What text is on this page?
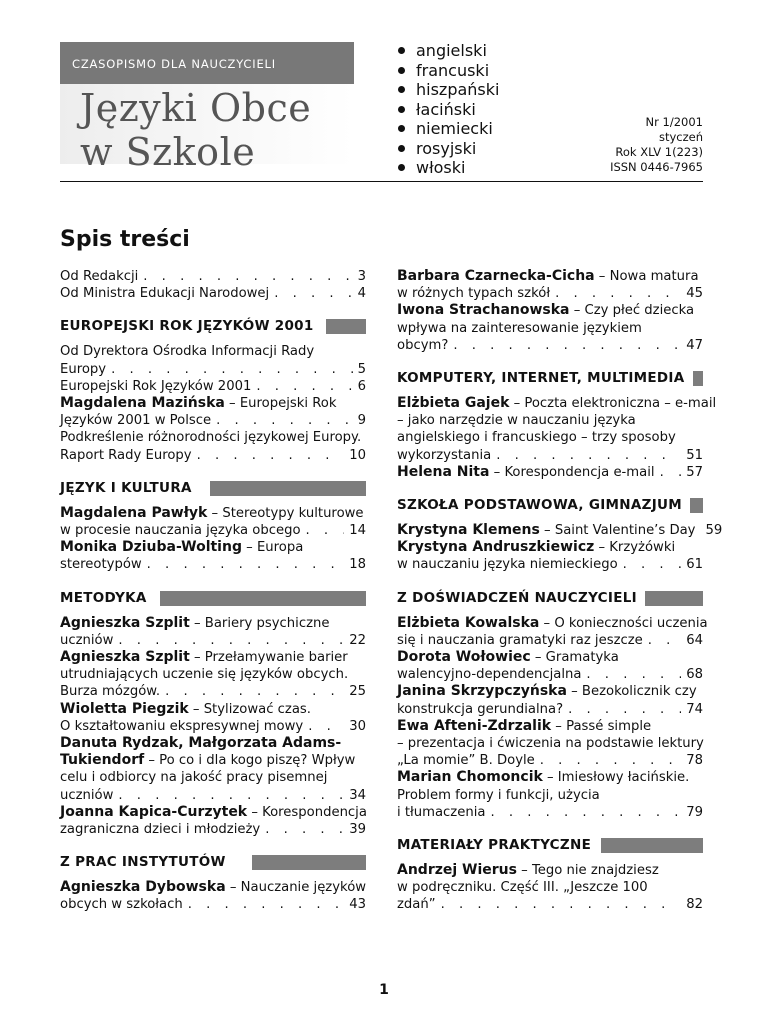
CZASOPISMO DLA NAUCZYCIELI
Języki Obce
w Szkole
angielski
francuski
hiszpański
łaciński
niemiecki
rosyjski
włoski
Nr 1/2001
styczeń
Rok XLV 1(223)
ISSN 0446-7965
Spis treści
Od Redakcji . . .	3
Od Ministra Edukacji Narodowej . . .	4
EUROPEJSKI ROK JĘZYKÓW 2001
Od Dyrektora Ośrodka Informacji Rady
Europy . . .	5
Europejski Rok Języków 2001 . . .	6
Magdalena Mazińska – Europejski Rok
Języków 2001 w Polsce . . .	9
Podkreślenie różnorodności językowej Europy.
Raport Rady Europy . . .	10
JĘZYK I KULTURA
Magdalena Pawłyk – Stereotypy kulturowe
w procesie nauczania języka obcego . . .	14
Monika Dziuba-Wolting – Europa
stereotypów . . .	18
METODYKA
Agnieszka Szplit – Bariery psychiczne
uczniów . . .	22
Agnieszka Szplit – Przełamywanie barier
utrudniających uczenie się języków obcych.
Burza mózgów. . . .	25
Wioletta Piegzik – Stylizować czas.
O kształtowaniu ekspresywnej mowy . . .	30
Danuta Rydzak, Małgorzata Adams-
Tukiendorf – Po co i dla kogo piszę? Wpływ
celu i odbiorcy na jakość pracy pisemnej
uczniów . . .	34
Joanna Kapica-Curzytek – Korespondencja
zagraniczna dzieci i młodzieży . . .	39
Z PRAC INSTYTUTÓW
Agnieszka Dybowska – Nauczanie języków
obcych w szkołach . . .	43
Barbara Czarnecka-Cicha – Nowa matura
w różnych typach szkół . . .	45
Iwona Strachanowska – Czy płeć dziecka
wpływa na zainteresowanie językiem
obcym? . . .	47
KOMPUTERY, INTERNET, MULTIMEDIA
Elżbieta Gajek – Poczta elektroniczna – e-mail
– jako narzędzie w nauczaniu języka
angielskiego i francuskiego – trzy sposoby
wykorzystania . . .	51
Helena Nita – Korespondencja e-mail . . . 57
SZKOŁA PODSTAWOWA, GIMNAZJUM
Krystyna Klemens – Saint Valentine’s Day 59
Krystyna Andruszkiewicz – Krzyżówki
w nauczaniu języka niemieckiego . . .	61
Z DOŚWIADCZEŃ NAUCZYCIELI
Elżbieta Kowalska – O konieczności uczenia
się i nauczania gramatyki raz jeszcze . . .	64
Dorota Wołowiec – Gramatyka
walencyjno-dependencjalna . . .	68
Janina Skrzypczyńska – Bezokolicznik czy
konstrukcja gerundialna? . . .	74
Ewa Afteni-Zdrzalik – Passé simple
– prezentacja i ćwiczenia na podstawie lektury
„La momie” B. Doyle . . .	78
Marian Chomoncik – Imiesłowy łacińskie.
Problem formy i funkcji, użycia
i tłumaczenia . . .	79
MATERIAŁY PRAKTYCZNE
Andrzej Wierus – Tego nie znajdziesz
w podręczniku. Część III. „Jeszcze 100
zdań” . . .	82
1
